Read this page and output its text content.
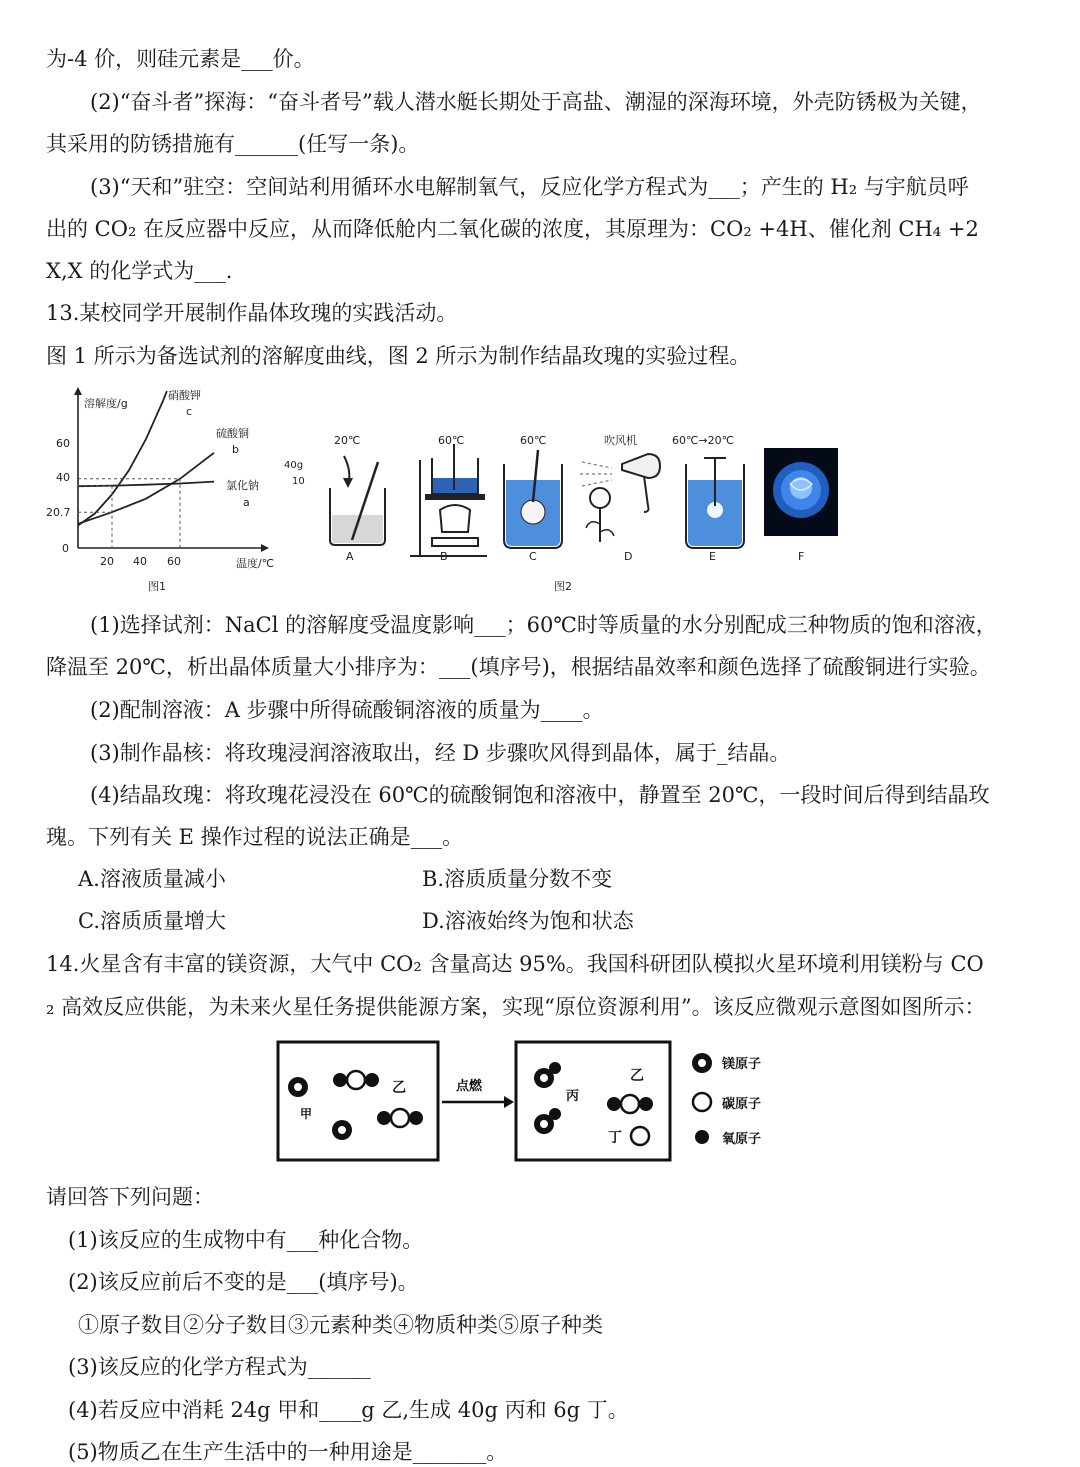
为-4 价，则硅元素是___价。
(2)“奋斗者”探海：“奋斗者号”载人潜水艇长期处于高盐、潮湿的深海环境，外壳防锈极为关键，
其采用的防锈措施有______(任写一条)。
(3)“天和”驻空：空间站利用循环水电解制氧气，反应化学方程式为___；产生的 H₂ 与宇航员呼
出的 CO₂ 在反应器中反应，从而降低舱内二氧化碳的浓度，其原理为：CO₂ +4H、催化剂 CH₄ +2
X,X 的化学式为___.
13.某校同学开展制作晶体玫瑰的实践活动。
图 1 所示为备选试剂的溶解度曲线，图 2 所示为制作结晶玫瑰的实验过程。
溶解度/g
温度/℃
60
40
20.7
0
20 40 60
硝酸钾
c
硫酸铜
b
氯化钠
a
图1
20℃	60℃	60℃	吹风机	60℃→20℃
40g
10
A	B	C	D	E	F
图2
(1)选择试剂：NaCl 的溶解度受温度影响___；60℃时等质量的水分别配成三种物质的饱和溶液，
降温至 20℃，析出晶体质量大小排序为：___(填序号)，根据结晶效率和颜色选择了硫酸铜进行实验。
(2)配制溶液：A 步骤中所得硫酸铜溶液的质量为____。
(3)制作晶核：将玫瑰浸润溶液取出，经 D 步骤吹风得到晶体，属于_结晶。
(4)结晶玫瑰：将玫瑰花浸没在 60℃的硫酸铜饱和溶液中，静置至 20℃，一段时间后得到结晶玫
瑰。下列有关 E 操作过程的说法正确是___。
A.溶液质量减小	B.溶质质量分数不变
C.溶质质量增大	D.溶液始终为饱和状态
14.火星含有丰富的镁资源，大气中 CO₂ 含量高达 95%。我国科研团队模拟火星环境利用镁粉与 CO
₂ 高效反应供能，为未来火星任务提供能源方案，实现“原位资源利用”。该反应微观示意图如图所示：
甲
乙	点燃
丙
乙
丁
镁原子
碳原子
氧原子
请回答下列问题：
(1)该反应的生成物中有___种化合物。
(2)该反应前后不变的是___(填序号)。
①原子数目②分子数目③元素种类④物质种类⑤原子种类
(3)该反应的化学方程式为______
(4)若反应中消耗 24g 甲和____g 乙,生成 40g 丙和 6g 丁。
(5)物质乙在生产生活中的一种用途是_______。
